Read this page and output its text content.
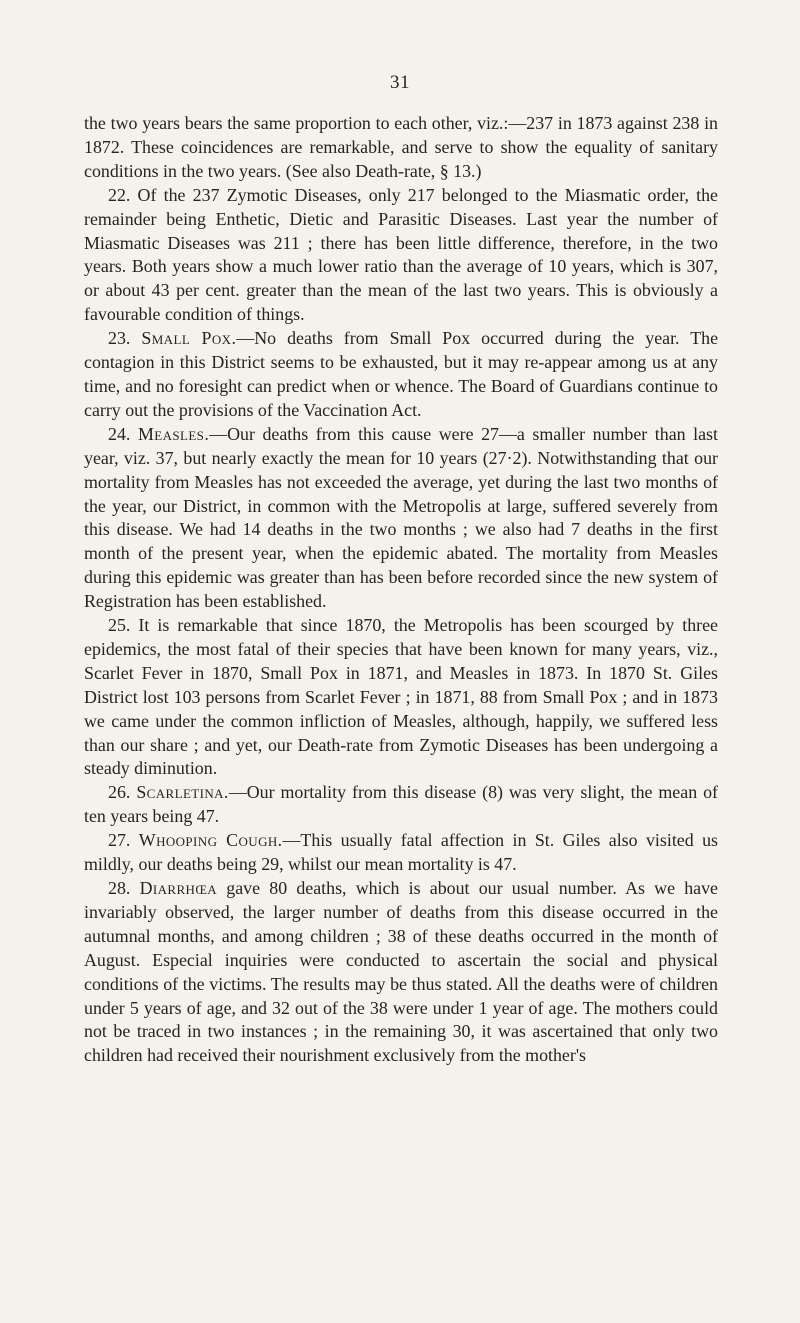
31

the two years bears the same proportion to each other, viz.:—237 in 1873 against 238 in 1872. These coincidences are remarkable, and serve to show the equality of sanitary conditions in the two years. (See also Death-rate, § 13.)

22. Of the 237 Zymotic Diseases, only 217 belonged to the Miasmatic order, the remainder being Enthetic, Dietic and Parasitic Diseases. Last year the number of Miasmatic Diseases was 211 ; there has been little difference, therefore, in the two years. Both years show a much lower ratio than the average of 10 years, which is 307, or about 43 per cent. greater than the mean of the last two years. This is obviously a favourable condition of things.

23. Small Pox.—No deaths from Small Pox occurred during the year. The contagion in this District seems to be exhausted, but it may re-appear among us at any time, and no foresight can predict when or whence. The Board of Guardians continue to carry out the provisions of the Vaccination Act.

24. Measles.—Our deaths from this cause were 27—a smaller number than last year, viz. 37, but nearly exactly the mean for 10 years (27·2). Notwithstanding that our mortality from Measles has not exceeded the average, yet during the last two months of the year, our District, in common with the Metropolis at large, suffered severely from this disease. We had 14 deaths in the two months ; we also had 7 deaths in the first month of the present year, when the epidemic abated. The mortality from Measles during this epidemic was greater than has been before recorded since the new system of Registration has been established.

25. It is remarkable that since 1870, the Metropolis has been scourged by three epidemics, the most fatal of their species that have been known for many years, viz., Scarlet Fever in 1870, Small Pox in 1871, and Measles in 1873. In 1870 St. Giles District lost 103 persons from Scarlet Fever ; in 1871, 88 from Small Pox ; and in 1873 we came under the common infliction of Measles, although, happily, we suffered less than our share ; and yet, our Death-rate from Zymotic Diseases has been undergoing a steady diminution.

26. Scarletina.—Our mortality from this disease (8) was very slight, the mean of ten years being 47.

27. Whooping Cough.—This usually fatal affection in St. Giles also visited us mildly, our deaths being 29, whilst our mean mortality is 47.

28. Diarrhœa gave 80 deaths, which is about our usual number. As we have invariably observed, the larger number of deaths from this disease occurred in the autumnal months, and among children ; 38 of these deaths occurred in the month of August. Especial inquiries were conducted to ascertain the social and physical conditions of the victims. The results may be thus stated. All the deaths were of children under 5 years of age, and 32 out of the 38 were under 1 year of age. The mothers could not be traced in two instances ; in the remaining 30, it was ascertained that only two children had received their nourishment exclusively from the mother's
